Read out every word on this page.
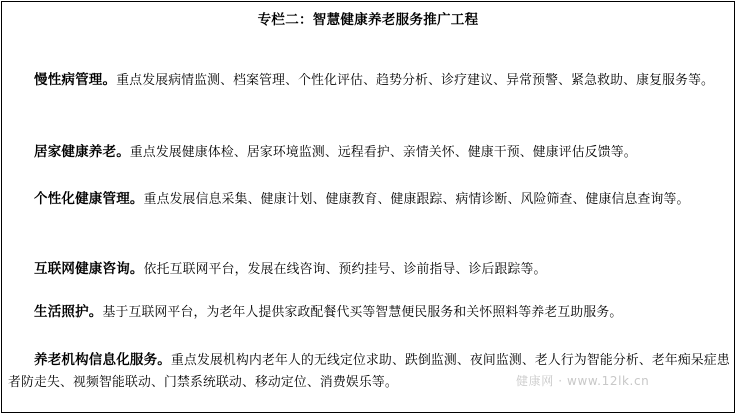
专栏二：智慧健康养老服务推广工程

慢性病管理。重点发展病情监测、档案管理、个性化评估、趋势分析、诊疗建议、异常预警、紧急救助、康复服务等。

居家健康养老。重点发展健康体检、居家环境监测、远程看护、亲情关怀、健康干预、健康评估反馈等。

个性化健康管理。重点发展信息采集、健康计划、健康教育、健康跟踪、病情诊断、风险筛查、健康信息查询等。

互联网健康咨询。依托互联网平台，发展在线咨询、预约挂号、诊前指导、诊后跟踪等。

生活照护。基于互联网平台，为老年人提供家政配餐代买等智慧便民服务和关怀照料等养老互助服务。

养老机构信息化服务。重点发展机构内老年人的无线定位求助、跌倒监测、夜间监测、老人行为智能分析、老年痴呆症患者防走失、视频智能联动、门禁系统联动、移动定位、消费娱乐等。	健康网 · www.12lk.cn
